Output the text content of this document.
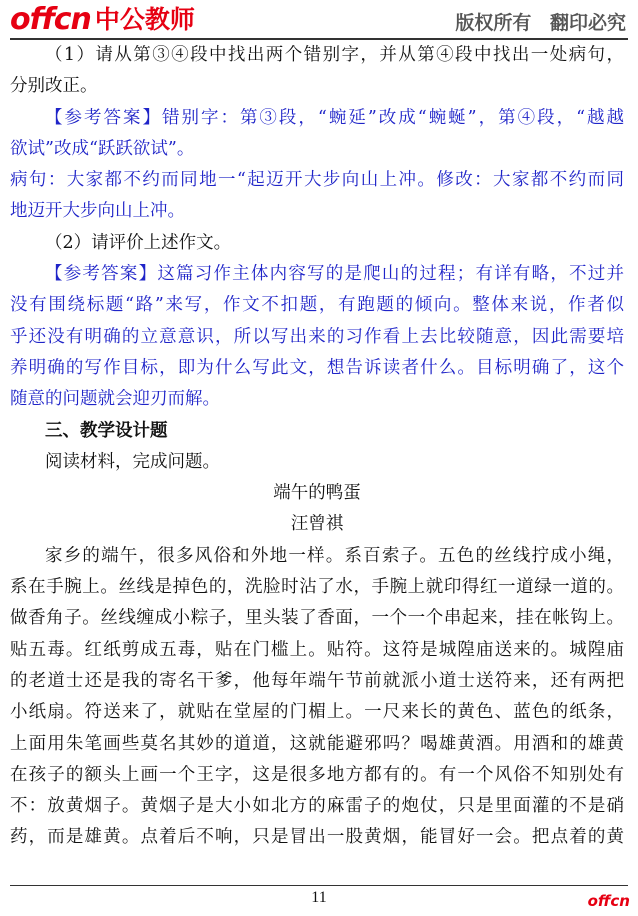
offcn 中公教师	版权所有 翻印必究
（1）请从第③④段中找出两个错别字，并从第④段中找出一处病句，
分别改正。
【参考答案】错别字：第③段，“蜿延”改成“蜿蜒”，第④段，“越越
欲试”改成“跃跃欲试”。
病句：大家都不约而同地一“起迈开大步向山上冲。修改：大家都不约而同
地迈开大步向山上冲。
（2）请评价上述作文。
【参考答案】这篇习作主体内容写的是爬山的过程；有详有略，不过并
没有围绕标题“路”来写，作文不扣题，有跑题的倾向。整体来说，作者似
乎还没有明确的立意意识，所以写出来的习作看上去比较随意，因此需要培
养明确的写作目标，即为什么写此文，想告诉读者什么。目标明确了，这个
随意的问题就会迎刃而解。
三、教学设计题
阅读材料，完成问题。
端午的鸭蛋
汪曾祺
家乡的端午，很多风俗和外地一样。系百索子。五色的丝线拧成小绳，
系在手腕上。丝线是掉色的，洗脸时沾了水，手腕上就印得红一道绿一道的。
做香角子。丝线缠成小粽子，里头装了香面，一个一个串起来，挂在帐钩上。
贴五毒。红纸剪成五毒，贴在门槛上。贴符。这符是城隍庙送来的。城隍庙
的老道士还是我的寄名干爹，他每年端午节前就派小道士送符来，还有两把
小纸扇。符送来了，就贴在堂屋的门楣上。一尺来长的黄色、蓝色的纸条，
上面用朱笔画些莫名其妙的道道，这就能避邪吗？喝雄黄酒。用酒和的雄黄
在孩子的额头上画一个王字，这是很多地方都有的。有一个风俗不知别处有
不：放黄烟子。黄烟子是大小如北方的麻雷子的炮仗，只是里面灌的不是硝
药，而是雄黄。点着后不响，只是冒出一股黄烟，能冒好一会。把点着的黄
11	offcn
